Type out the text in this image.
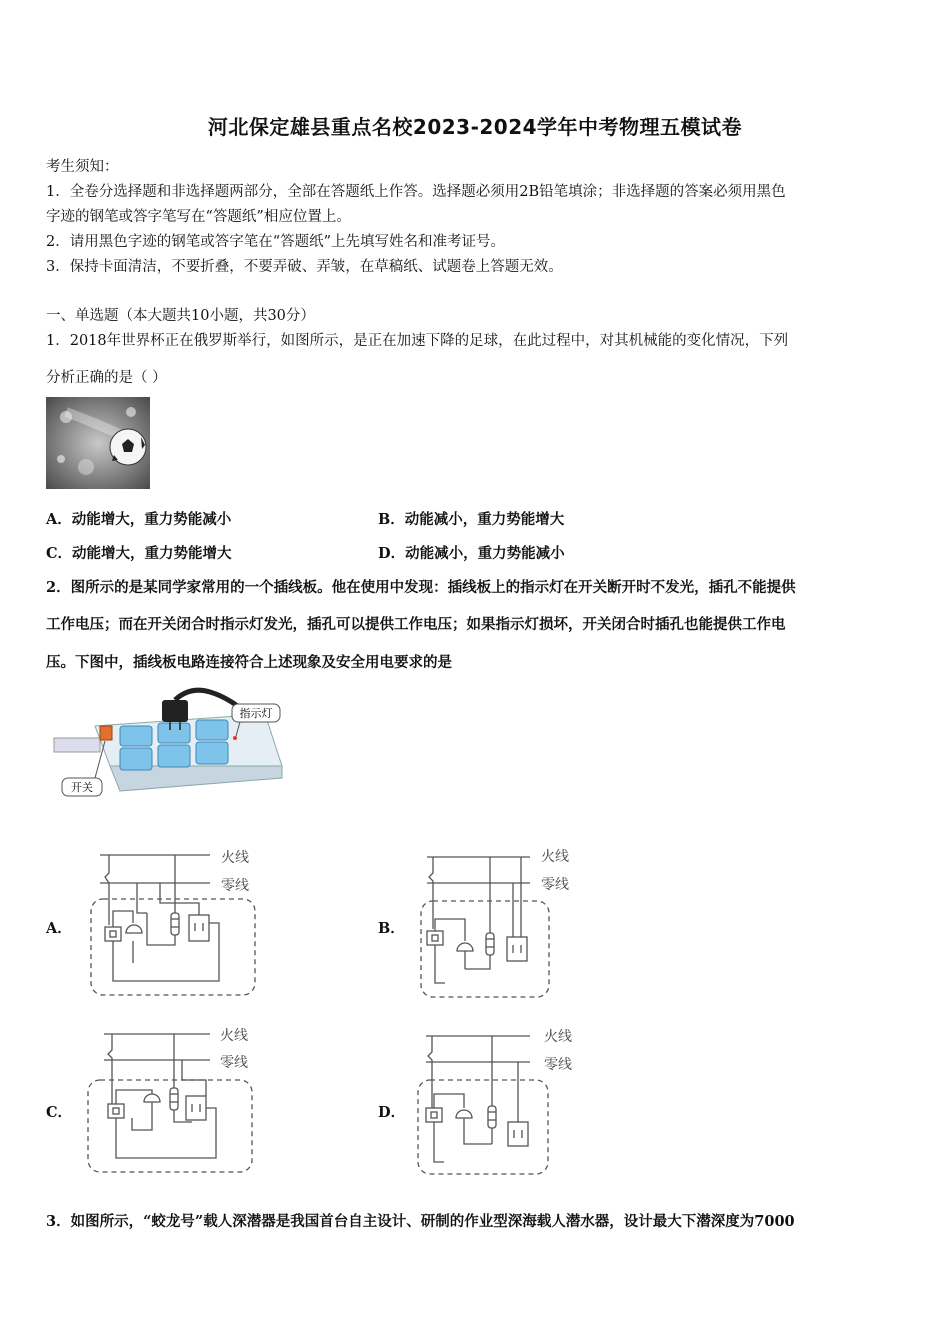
河北保定雄县重点名校2023-2024学年中考物理五模试卷
考生须知：
1．全卷分选择题和非选择题两部分，全部在答题纸上作答。选择题必须用2B铅笔填涂；非选择题的答案必须用黑色
字迹的钢笔或答字笔写在“答题纸”相应位置上。
2．请用黑色字迹的钢笔或答字笔在“答题纸”上先填写姓名和准考证号。
3．保持卡面清洁，不要折叠，不要弄破、弄皱，在草稿纸、试题卷上答题无效。
一、单选题（本大题共10小题，共30分）
1．2018年世界杯正在俄罗斯举行，如图所示，是正在加速下降的足球，在此过程中，对其机械能的变化情况，下列
分析正确的是（ ）
A．动能增大，重力势能减小	B．动能减小，重力势能增大
C．动能增大，重力势能增大	D．动能减小，重力势能减小
2．图所示的是某同学家常用的一个插线板。他在使用中发现：插线板上的指示灯在开关断开时不发光，插孔不能提供
工作电压；而在开关闭合时指示灯发光，插孔可以提供工作电压；如果指示灯损坏，开关闭合时插孔也能提供工作电
压。下图中，插线板电路连接符合上述现象及安全用电要求的是
指示灯
开关
A．	B．
C．	D．
火线
零线
火线
零线
火线
零线
火线
零线
3．如图所示，“蛟龙号”载人深潜器是我国首台自主设计、研制的作业型深海载人潜水器，设计最大下潜深度为7000
